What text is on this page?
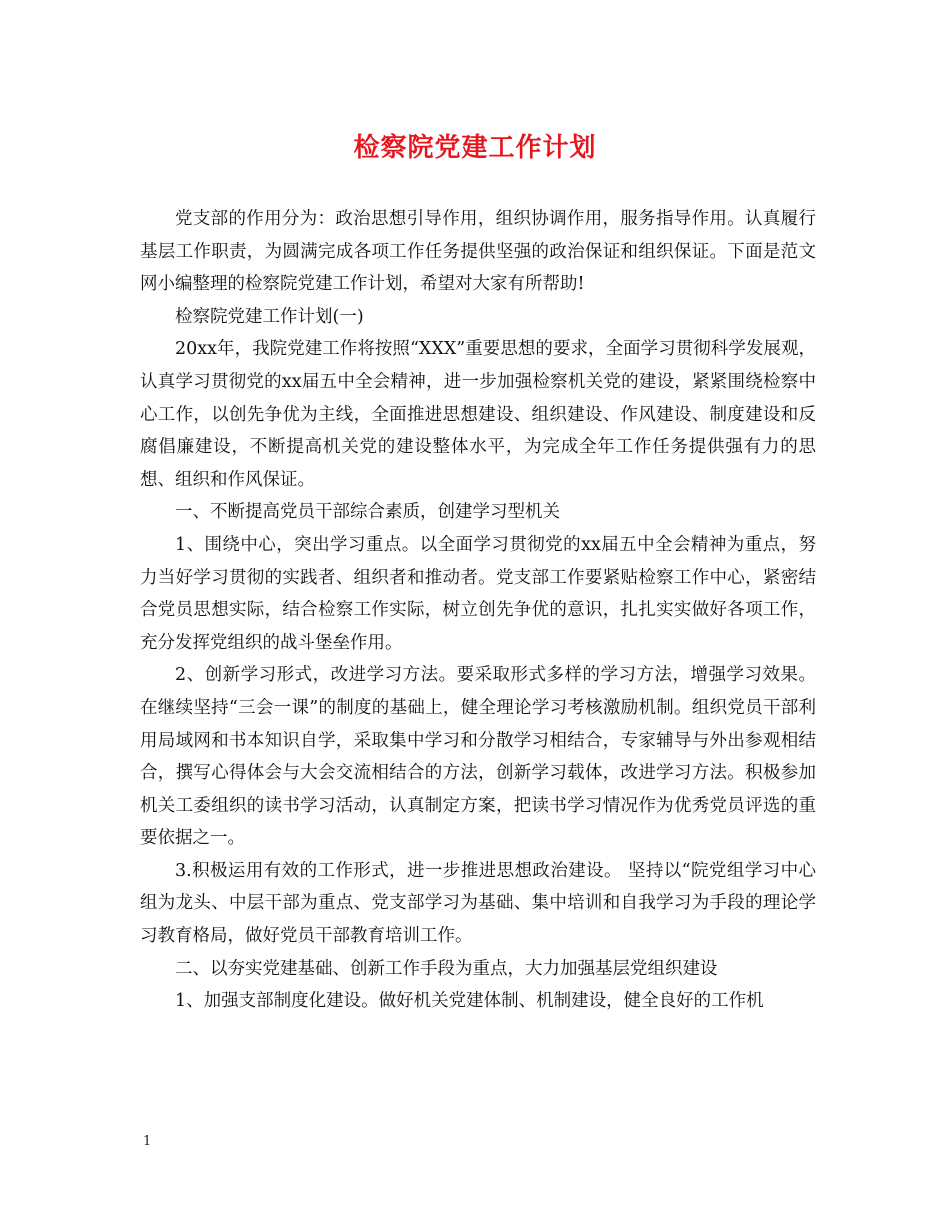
检察院党建工作计划

党支部的作用分为：政治思想引导作用，组织协调作用，服务指导作用。认真履行基层工作职责，为圆满完成各项工作任务提供坚强的政治保证和组织保证。下面是范文网小编整理的检察院党建工作计划，希望对大家有所帮助!

检察院党建工作计划(一)

20xx年，我院党建工作将按照“XXX”重要思想的要求，全面学习贯彻科学发展观，认真学习贯彻党的xx届五中全会精神，进一步加强检察机关党的建设，紧紧围绕检察中心工作，以创先争优为主线，全面推进思想建设、组织建设、作风建设、制度建设和反腐倡廉建设，不断提高机关党的建设整体水平，为完成全年工作任务提供强有力的思想、组织和作风保证。

一、不断提高党员干部综合素质，创建学习型机关

1、围绕中心，突出学习重点。以全面学习贯彻党的xx届五中全会精神为重点，努力当好学习贯彻的实践者、组织者和推动者。党支部工作要紧贴检察工作中心，紧密结合党员思想实际，结合检察工作实际，树立创先争优的意识，扎扎实实做好各项工作，充分发挥党组织的战斗堡垒作用。

2、创新学习形式，改进学习方法。要采取形式多样的学习方法，增强学习效果。在继续坚持“三会一课”的制度的基础上，健全理论学习考核激励机制。组织党员干部利用局域网和书本知识自学，采取集中学习和分散学习相结合，专家辅导与外出参观相结合，撰写心得体会与大会交流相结合的方法，创新学习载体，改进学习方法。积极参加机关工委组织的读书学习活动，认真制定方案，把读书学习情况作为优秀党员评选的重要依据之一。

3.积极运用有效的工作形式，进一步推进思想政治建设。 坚持以“院党组学习中心组为龙头、中层干部为重点、党支部学习为基础、集中培训和自我学习为手段的理论学习教育格局，做好党员干部教育培训工作。

二、以夯实党建基础、创新工作手段为重点，大力加强基层党组织建设

1、加强支部制度化建设。做好机关党建体制、机制建设，健全良好的工作机

1
